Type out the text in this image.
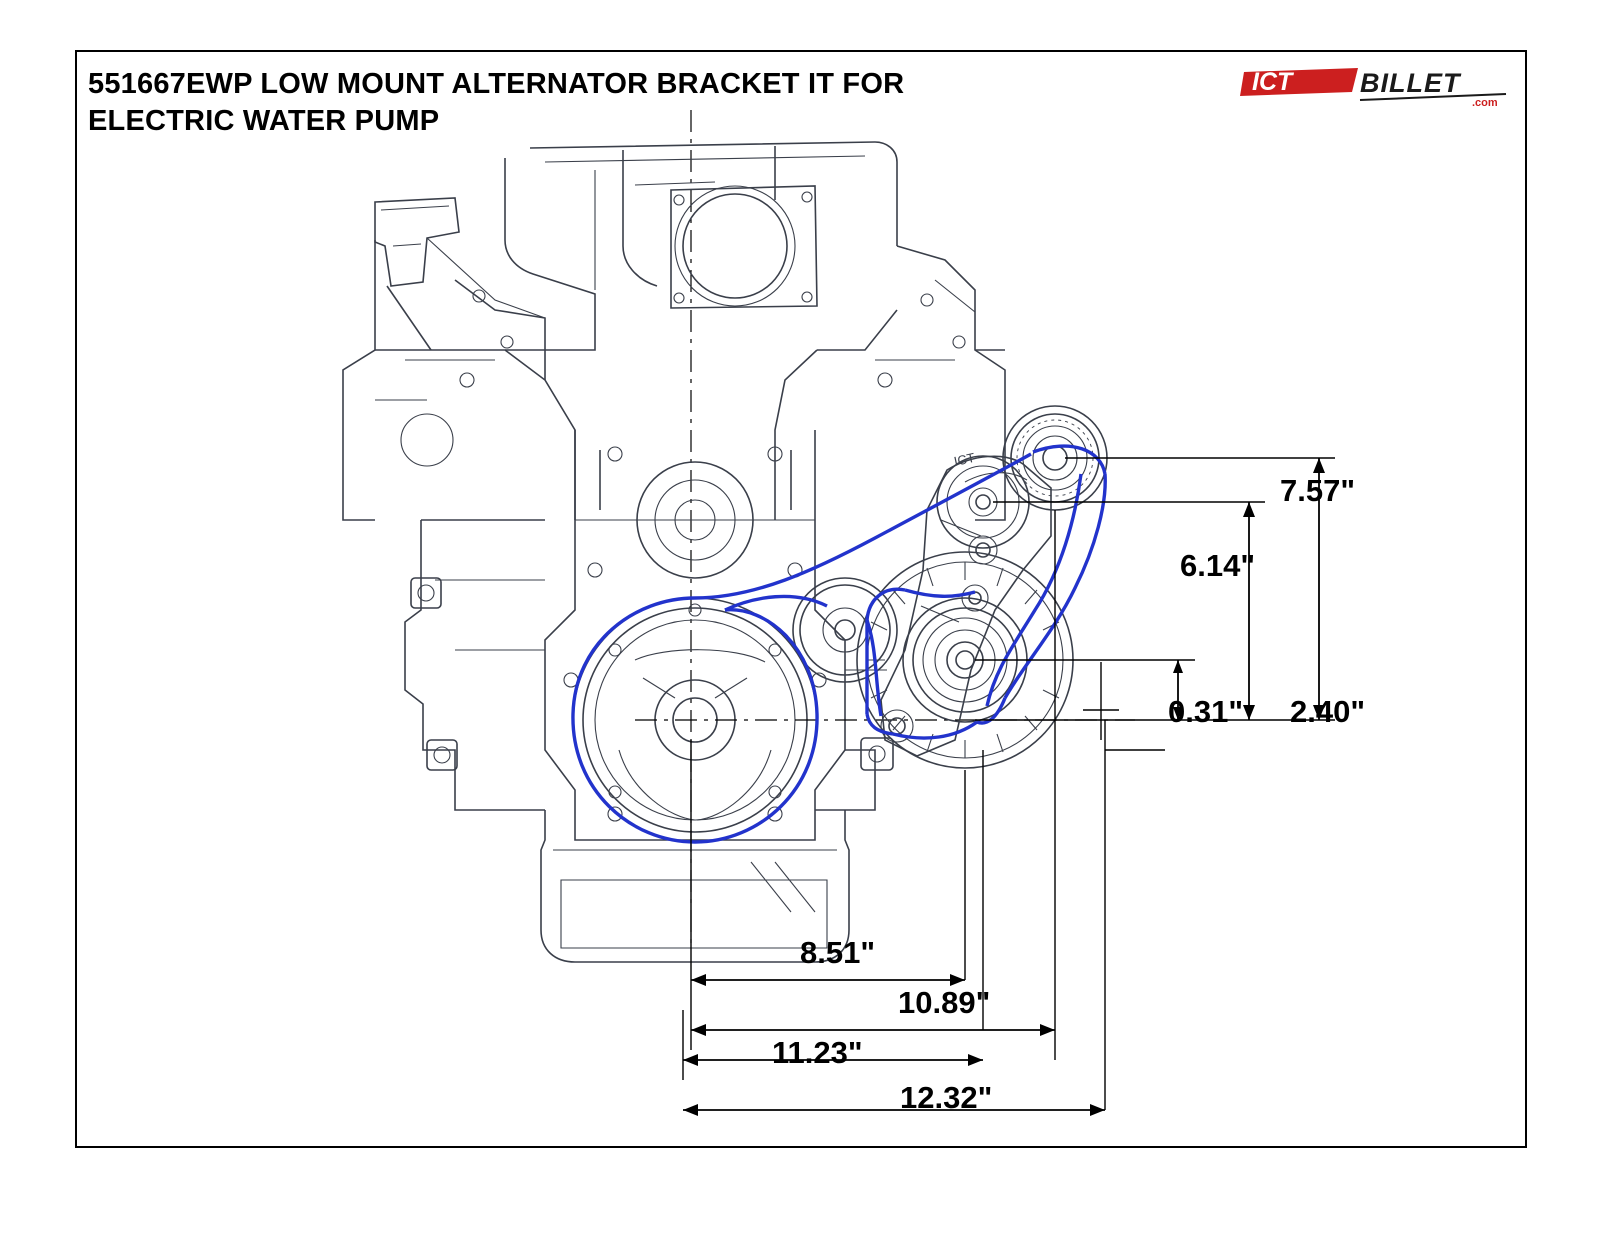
551667EWP LOW MOUNT ALTERNATOR BRACKET IT FOR
ELECTRIC WATER PUMP
ICT	BILLET
.com
ICT
7.57"
6.14"
0.31" 2.40"
8.51"
10.89"
11.23"
12.32"
